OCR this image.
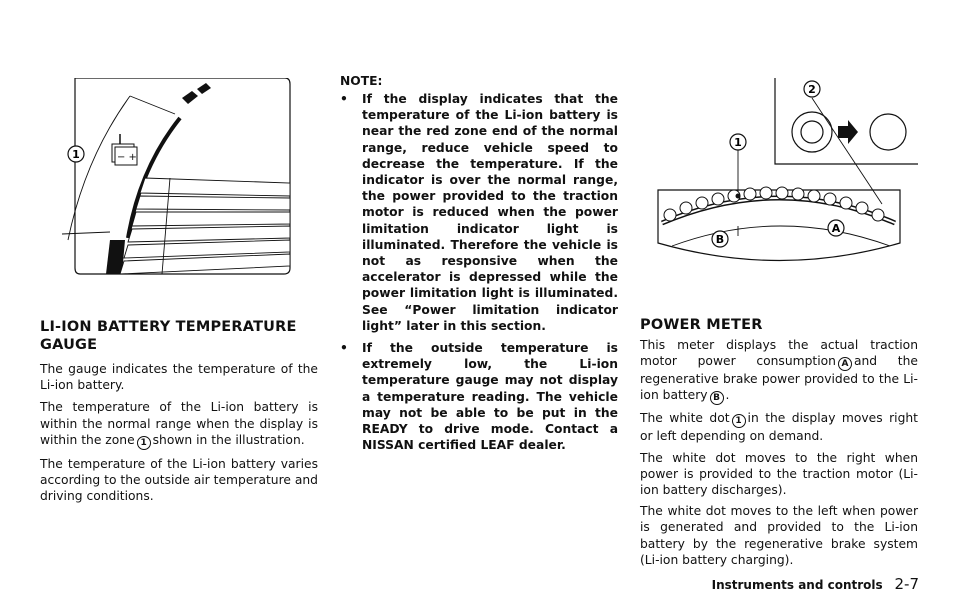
− +
1
LI-ION BATTERY TEMPERATURE GAUGE

The gauge indicates the temperature of the Li-ion battery.

The temperature of the Li-ion battery is within the normal range when the display is within the zone 1 shown in the illustration.

The temperature of the Li-ion battery varies according to the outside air temperature and driving conditions.

NOTE:
• If the display indicates that the temperature of the Li-ion battery is near the red zone end of the normal range, reduce vehicle speed to decrease the temperature. If the indicator is over the normal range, the power provided to the traction motor is reduced when the power limitation indicator light is illuminated. Therefore the vehicle is not as responsive when the accelerator is depressed while the power limitation light is illuminated. See “Power limitation indicator light” later in this section.
• If the outside temperature is extremely low, the Li-ion temperature gauge may not display a temperature reading. The vehicle may not be able to be put in the READY to drive mode. Contact a NISSAN certified LEAF dealer.
2
1
B
A
POWER METER

This meter displays the actual traction motor power consumption A and the regenerative brake power provided to the Li-ion battery B .

The white dot 1 in the display moves right or left depending on demand.

The white dot moves to the right when power is provided to the traction motor (Li-ion battery discharges).

The white dot moves to the left when power is generated and provided to the Li-ion battery by the regenerative brake system (Li-ion battery charging).

Instruments and controls 2-7
